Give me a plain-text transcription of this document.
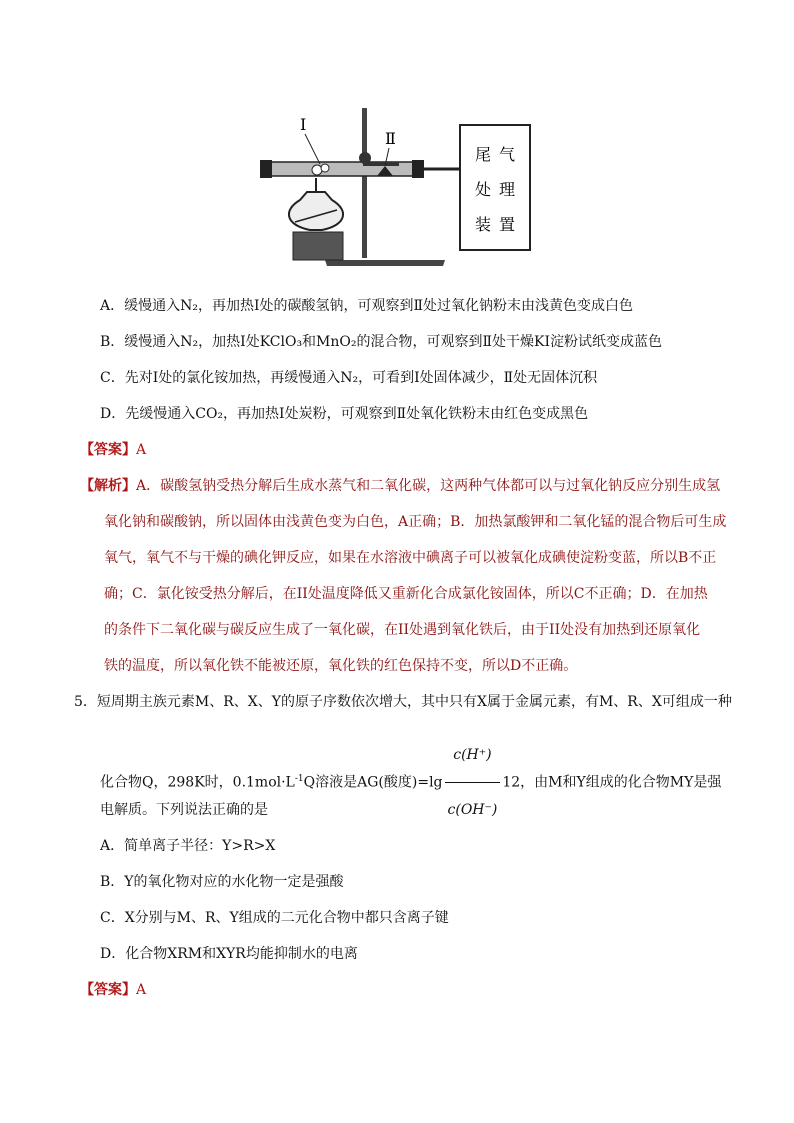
I
Ⅱ
尾 气
处 理
装 置
A．缓慢通入N₂，再加热Ⅰ处的碳酸氢钠，可观察到Ⅱ处过氧化钠粉末由浅黄色变成白色
B．缓慢通入N₂，加热Ⅰ处KClO₃和MnO₂的混合物，可观察到Ⅱ处干燥KI淀粉试纸变成蓝色
C．先对Ⅰ处的氯化铵加热，再缓慢通入N₂，可看到Ⅰ处固体减少，Ⅱ处无固体沉积
D．先缓慢通入CO₂，再加热Ⅰ处炭粉，可观察到Ⅱ处氧化铁粉末由红色变成黑色
【答案】A
【解析】A．碳酸氢钠受热分解后生成水蒸气和二氧化碳，这两种气体都可以与过氧化钠反应分别生成氢
氧化钠和碳酸钠，所以固体由浅黄色变为白色，A正确；B．加热氯酸钾和二氧化锰的混合物后可生成
氧气，氧气不与干燥的碘化钾反应，如果在水溶液中碘离子可以被氧化成碘使淀粉变蓝，所以B不正
确；C．氯化铵受热分解后，在II处温度降低又重新化合成氯化铵固体，所以C不正确；D．在加热
的条件下二氧化碳与碳反应生成了一氧化碳，在II处遇到氧化铁后，由于II处没有加热到还原氧化
铁的温度，所以氧化铁不能被还原，氧化铁的红色保持不变，所以D不正确。
5．短周期主族元素M、R、X、Y的原子序数依次增大，其中只有X属于金属元素，有M、R、X可组成一种
化合物Q，298K时，$0.1mol\cdot L^{-1}Q$溶液是AG(酸度)$=\lg \frac{c(H^+)}{c(OH^-)} 12$，由M和Y组成的化合物MY是强
电解质。下列说法正确的是
A．简单离子半径：Y>R>X
B．Y的氧化物对应的水化物一定是强酸
C．X分别与M、R、Y组成的二元化合物中都只含离子键
D．化合物XRM和XYR均能抑制水的电离
【答案】A
